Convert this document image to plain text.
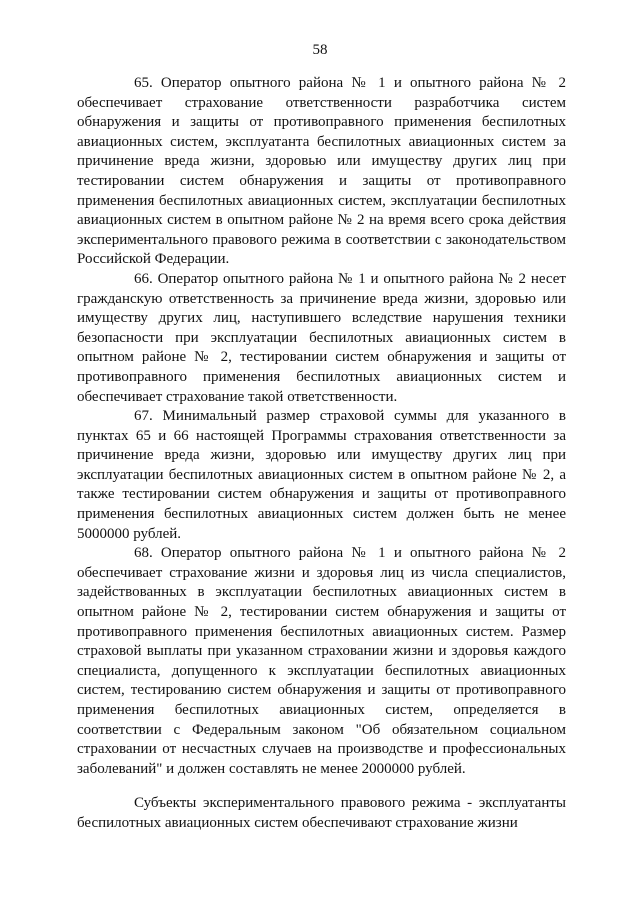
58

65. Оператор опытного района № 1 и опытного района № 2 обеспечивает страхование ответственности разработчика систем обнаружения и защиты от противоправного применения беспилотных авиационных систем, эксплуатанта беспилотных авиационных систем за причинение вреда жизни, здоровью или имуществу других лиц при тестировании систем обнаружения и защиты от противоправного применения беспилотных авиационных систем, эксплуатации беспилотных авиационных систем в опытном районе № 2 на время всего срока действия экспериментального правового режима в соответствии с законодательством Российской Федерации.

66. Оператор опытного района № 1 и опытного района № 2 несет гражданскую ответственность за причинение вреда жизни, здоровью или имуществу других лиц, наступившего вследствие нарушения техники безопасности при эксплуатации беспилотных авиационных систем в опытном районе № 2, тестировании систем обнаружения и защиты от противоправного применения беспилотных авиационных систем и обеспечивает страхование такой ответственности.

67. Минимальный размер страховой суммы для указанного в пунктах 65 и 66 настоящей Программы страхования ответственности за причинение вреда жизни, здоровью или имуществу других лиц при эксплуатации беспилотных авиационных систем в опытном районе № 2, а также тестировании систем обнаружения и защиты от противоправного применения беспилотных авиационных систем должен быть не менее 5000000 рублей.

68. Оператор опытного района № 1 и опытного района № 2 обеспечивает страхование жизни и здоровья лиц из числа специалистов, задействованных в эксплуатации беспилотных авиационных систем в опытном районе № 2, тестировании систем обнаружения и защиты от противоправного применения беспилотных авиационных систем. Размер страховой выплаты при указанном страховании жизни и здоровья каждого специалиста, допущенного к эксплуатации беспилотных авиационных систем, тестированию систем обнаружения и защиты от противоправного применения беспилотных авиационных систем, определяется в соответствии с Федеральным законом "Об обязательном социальном страховании от несчастных случаев на производстве и профессиональных заболеваний" и должен составлять не менее 2000000 рублей.

Субъекты экспериментального правового режима - эксплуатанты беспилотных авиационных систем обеспечивают страхование жизни
